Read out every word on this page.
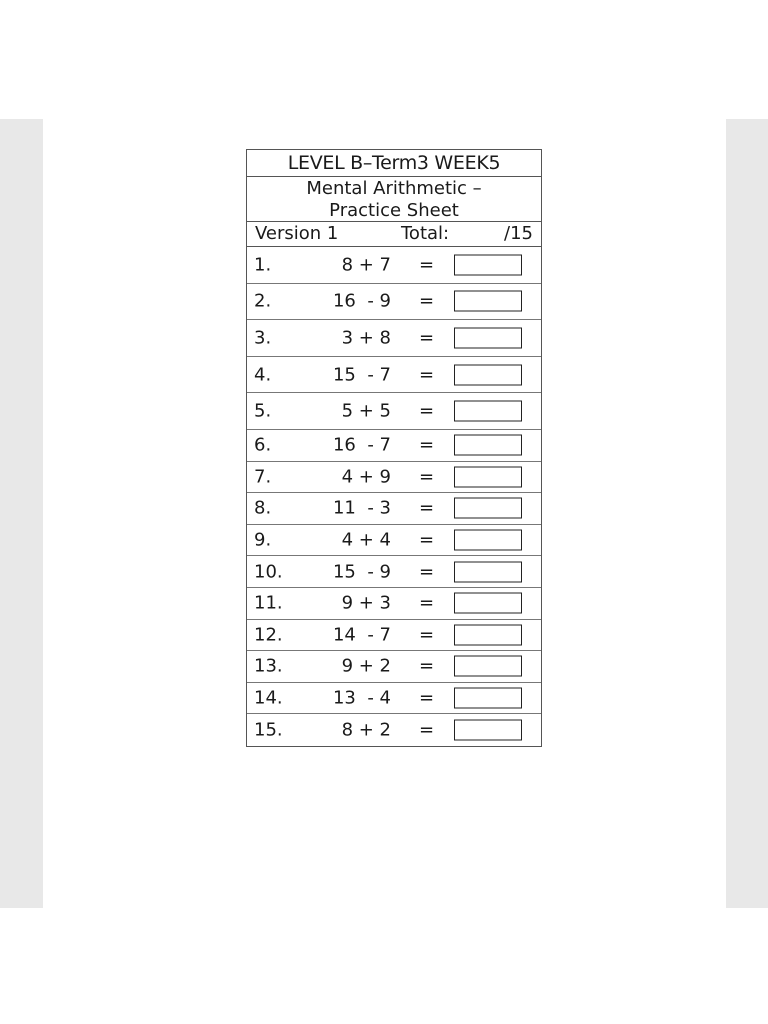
LEVEL B–Term3 WEEK5
Mental Arithmetic –
Practice Sheet
Version 1	Total:	/15
1.	8 + 7 =
2.	16  - 9 =
3.	3 + 8 =
4.	15  - 7 =
5.	5 + 5 =
6.	16  - 7 =
7.	4 + 9 =
8.	11  - 3 =
9.	4 + 4 =
10.	15  - 9 =
11.	9 + 3 =
12.	14  - 7 =
13.	9 + 2 =
14.	13  - 4 =
15.	8 + 2 =
